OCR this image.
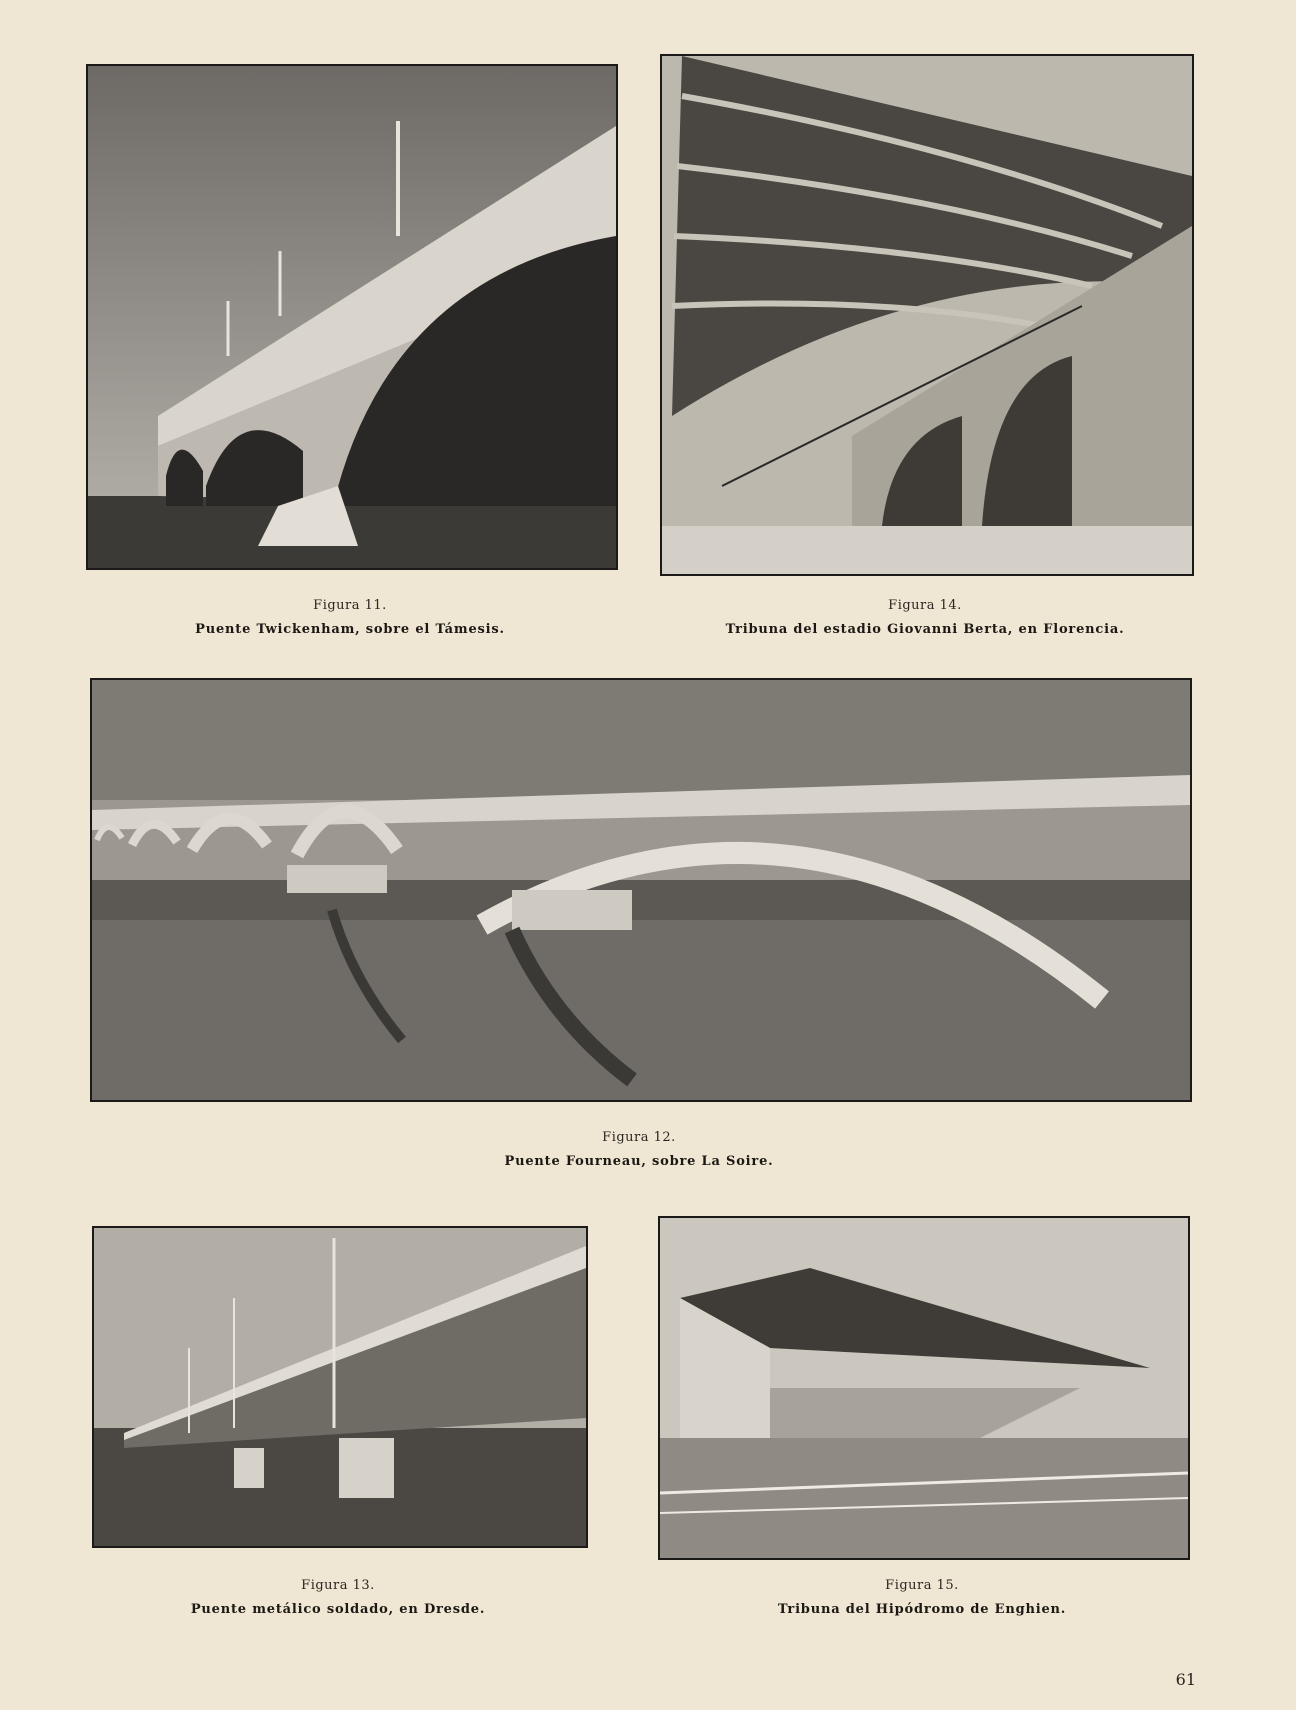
Figura 11.
Puente Twickenham, sobre el Támesis.
Figura 14.
Tribuna del estadio Giovanni Berta, en Florencia.
Figura 12.
Puente Fourneau, sobre La Soire.
Figura 13.
Puente metálico soldado, en Dresde.
Figura 15.
Tribuna del Hipódromo de Enghien.
61
